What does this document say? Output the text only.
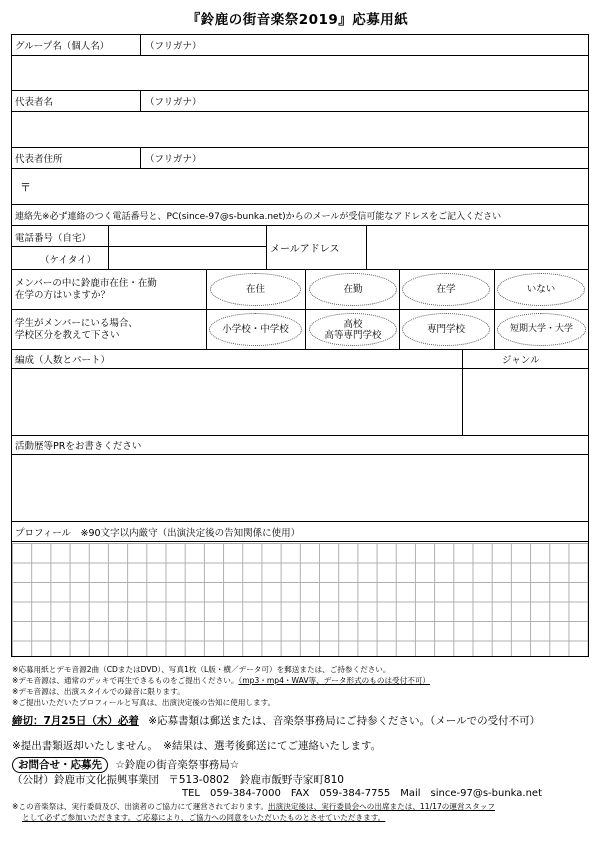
『鈴鹿の街音楽祭2019』応募用紙
グループ名（個人名）	（フリガナ）
代表者名	（フリガナ）
代表者住所	（フリガナ）
〒
連絡先※必ず連絡のつく電話番号と、PC(since-97@s-bunka.net)からのメールが受信可能なアドレスをご記入ください
電話番号（自宅）
（ケイタイ）
メールアドレス
メンバーの中に鈴鹿市在住・在勤
在学の方はいますか？	在住	在勤	在学	いない
学生がメンバーにいる場合、
学校区分を教えて下さい	小学校・中学校	高校
高等専門学校	専門学校	短期大学・大学
編成（人数とパート）	ジャンル
活動歴等PRをお書きください
プロフィール　※90文字以内厳守（出演決定後の告知関係に使用）
※応募用紙とデモ音源2曲（CDまたはDVD）、写真1枚（L版・横／データ可）を郵送または、ご持参ください。
※デモ音源は、通常のデッキで再生できるものをご提出ください。（mp3・mp4・WAV等、データ形式のものは受付不可）
※デモ音源は、出演スタイルでの録音に限ります。
※ご提出いただいたプロフィールと写真は、出演決定後の告知に使用します。
締切：7月25日（木）必着 ※応募書類は郵送または、音楽祭事務局にご持参ください。（メールでの受付不可）
※提出書類返却いたしません。　※結果は、選考後郵送にてご連絡いたします。
お問合せ・応募先 ☆鈴鹿の街音楽祭事務局☆
（公財）鈴鹿市文化振興事業団 〒513-0802　鈴鹿市飯野寺家町810
TEL　059-384-7000　FAX　059-384-7755　Mail　since-97@s-bunka.net
※この音楽祭は、実行委員及び、出演者のご協力にて運営されております。出演決定後は、実行委員会への出席または、11/17の運営スタッフ
として必ずご参加いただきます。ご応募により、ご協力への同意をいただいたものとさせていただきます。
